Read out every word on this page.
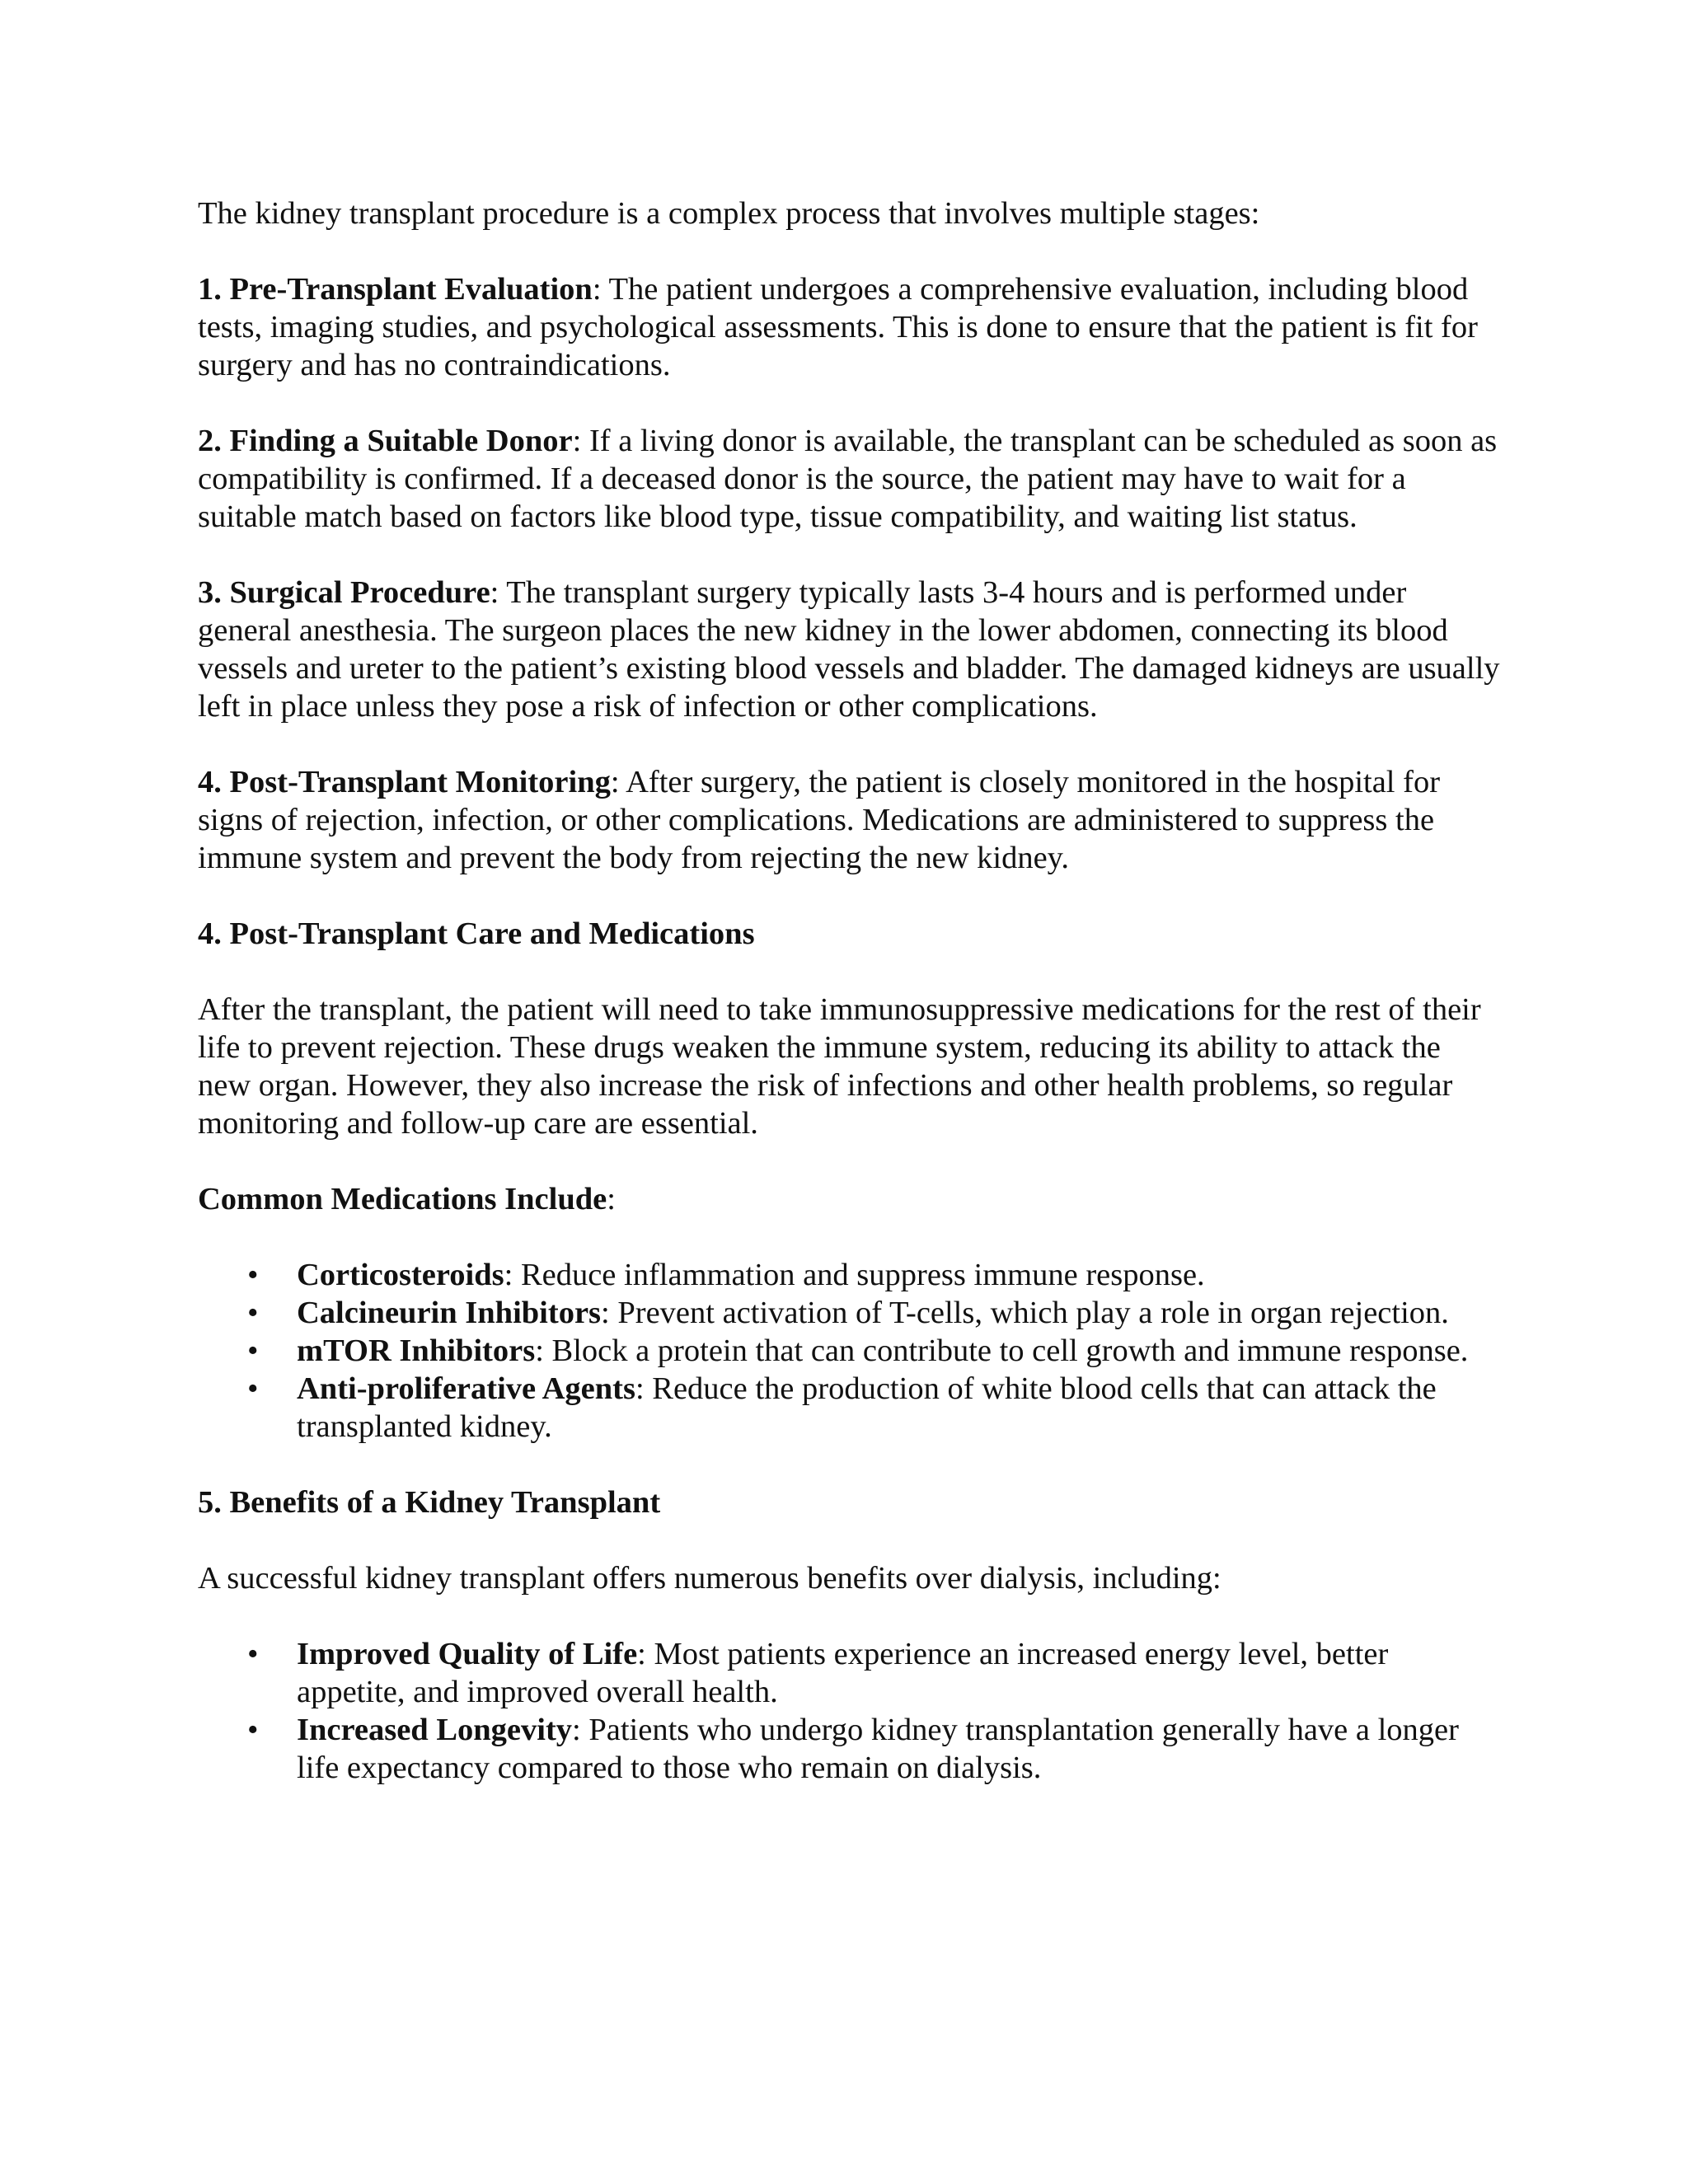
The kidney transplant procedure is a complex process that involves multiple stages:

1. Pre-Transplant Evaluation: The patient undergoes a comprehensive evaluation, including blood tests, imaging studies, and psychological assessments. This is done to ensure that the patient is fit for surgery and has no contraindications.

2. Finding a Suitable Donor: If a living donor is available, the transplant can be scheduled as soon as compatibility is confirmed. If a deceased donor is the source, the patient may have to wait for a suitable match based on factors like blood type, tissue compatibility, and waiting list status.

3. Surgical Procedure: The transplant surgery typically lasts 3-4 hours and is performed under general anesthesia. The surgeon places the new kidney in the lower abdomen, connecting its blood vessels and ureter to the patient’s existing blood vessels and bladder. The damaged kidneys are usually left in place unless they pose a risk of infection or other complications.

4. Post-Transplant Monitoring: After surgery, the patient is closely monitored in the hospital for signs of rejection, infection, or other complications. Medications are administered to suppress the immune system and prevent the body from rejecting the new kidney.

4. Post-Transplant Care and Medications

After the transplant, the patient will need to take immunosuppressive medications for the rest of their life to prevent rejection. These drugs weaken the immune system, reducing its ability to attack the new organ. However, they also increase the risk of infections and other health problems, so regular monitoring and follow-up care are essential.

Common Medications Include:

• Corticosteroids: Reduce inflammation and suppress immune response.
• Calcineurin Inhibitors: Prevent activation of T-cells, which play a role in organ rejection.
• mTOR Inhibitors: Block a protein that can contribute to cell growth and immune response.
• Anti-proliferative Agents: Reduce the production of white blood cells that can attack the transplanted kidney.

5. Benefits of a Kidney Transplant

A successful kidney transplant offers numerous benefits over dialysis, including:

• Improved Quality of Life: Most patients experience an increased energy level, better appetite, and improved overall health.
• Increased Longevity: Patients who undergo kidney transplantation generally have a longer life expectancy compared to those who remain on dialysis.
